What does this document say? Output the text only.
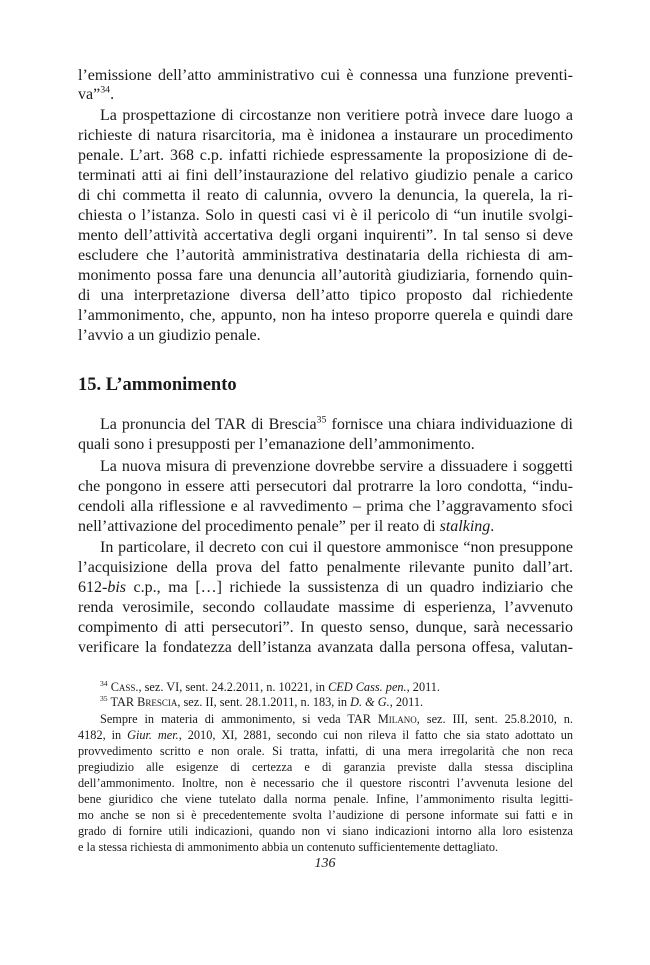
l’emissione dell’atto amministrativo cui è connessa una funzione preventi-

va”$^{34}$.

La prospettazione di circostanze non veritiere potrà invece dare luogo a

richieste di natura risarcitoria, ma è inidonea a instaurare un procedimento

penale. L’art. 368 c.p. infatti richiede espressamente la proposizione di de-

terminati atti ai fini dell’instaurazione del relativo giudizio penale a carico

di chi commetta il reato di calunnia, ovvero la denuncia, la querela, la ri-

chiesta o l’istanza. Solo in questi casi vi è il pericolo di “un inutile svolgi-

mento dell’attività accertativa degli organi inquirenti”. In tal senso si deve

escludere che l’autorità amministrativa destinataria della richiesta di am-

monimento possa fare una denuncia all’autorità giudiziaria, fornendo quin-

di una interpretazione diversa dell’atto tipico proposto dal richiedente

l’ammonimento, che, appunto, non ha inteso proporre querela e quindi dare

l’avvio a un giudizio penale.

15. L’ammonimento

La pronuncia del TAR di Brescia$^{35}$ fornisce una chiara individuazione di

quali sono i presupposti per l’emanazione dell’ammonimento.

La nuova misura di prevenzione dovrebbe servire a dissuadere i soggetti

che pongono in essere atti persecutori dal protrarre la loro condotta, “indu-

cendoli alla riflessione e al ravvedimento – prima che l’aggravamento sfoci

nell’attivazione del procedimento penale” per il reato di stalking.

In particolare, il decreto con cui il questore ammonisce “non presuppone

l’acquisizione della prova del fatto penalmente rilevante punito dall’art.

612-bis c.p., ma […] richiede la sussistenza di un quadro indiziario che

renda verosimile, secondo collaudate massime di esperienza, l’avvenuto

compimento di atti persecutori”. In questo senso, dunque, sarà necessario

verificare la fondatezza dell’istanza avanzata dalla persona offesa, valutan-

$^{34}$ Cass., sez. VI, sent. 24.2.2011, n. 10221, in CED Cass. pen., 2011.

$^{35}$ TAR Brescia, sez. II, sent. 28.1.2011, n. 183, in D. & G., 2011.

Sempre in materia di ammonimento, si veda TAR Milano, sez. III, sent. 25.8.2010, n.

4182, in Giur. mer., 2010, XI, 2881, secondo cui non rileva il fatto che sia stato adottato un

provvedimento scritto e non orale. Si tratta, infatti, di una mera irregolarità che non reca

pregiudizio alle esigenze di certezza e di garanzia previste dalla stessa disciplina

dell’ammonimento. Inoltre, non è necessario che il questore riscontri l’avvenuta lesione del

bene giuridico che viene tutelato dalla norma penale. Infine, l’ammonimento risulta legitti-

mo anche se non si è precedentemente svolta l’audizione di persone informate sui fatti e in

grado di fornire utili indicazioni, quando non vi siano indicazioni intorno alla loro esistenza

e la stessa richiesta di ammonimento abbia un contenuto sufficientemente dettagliato.

136
